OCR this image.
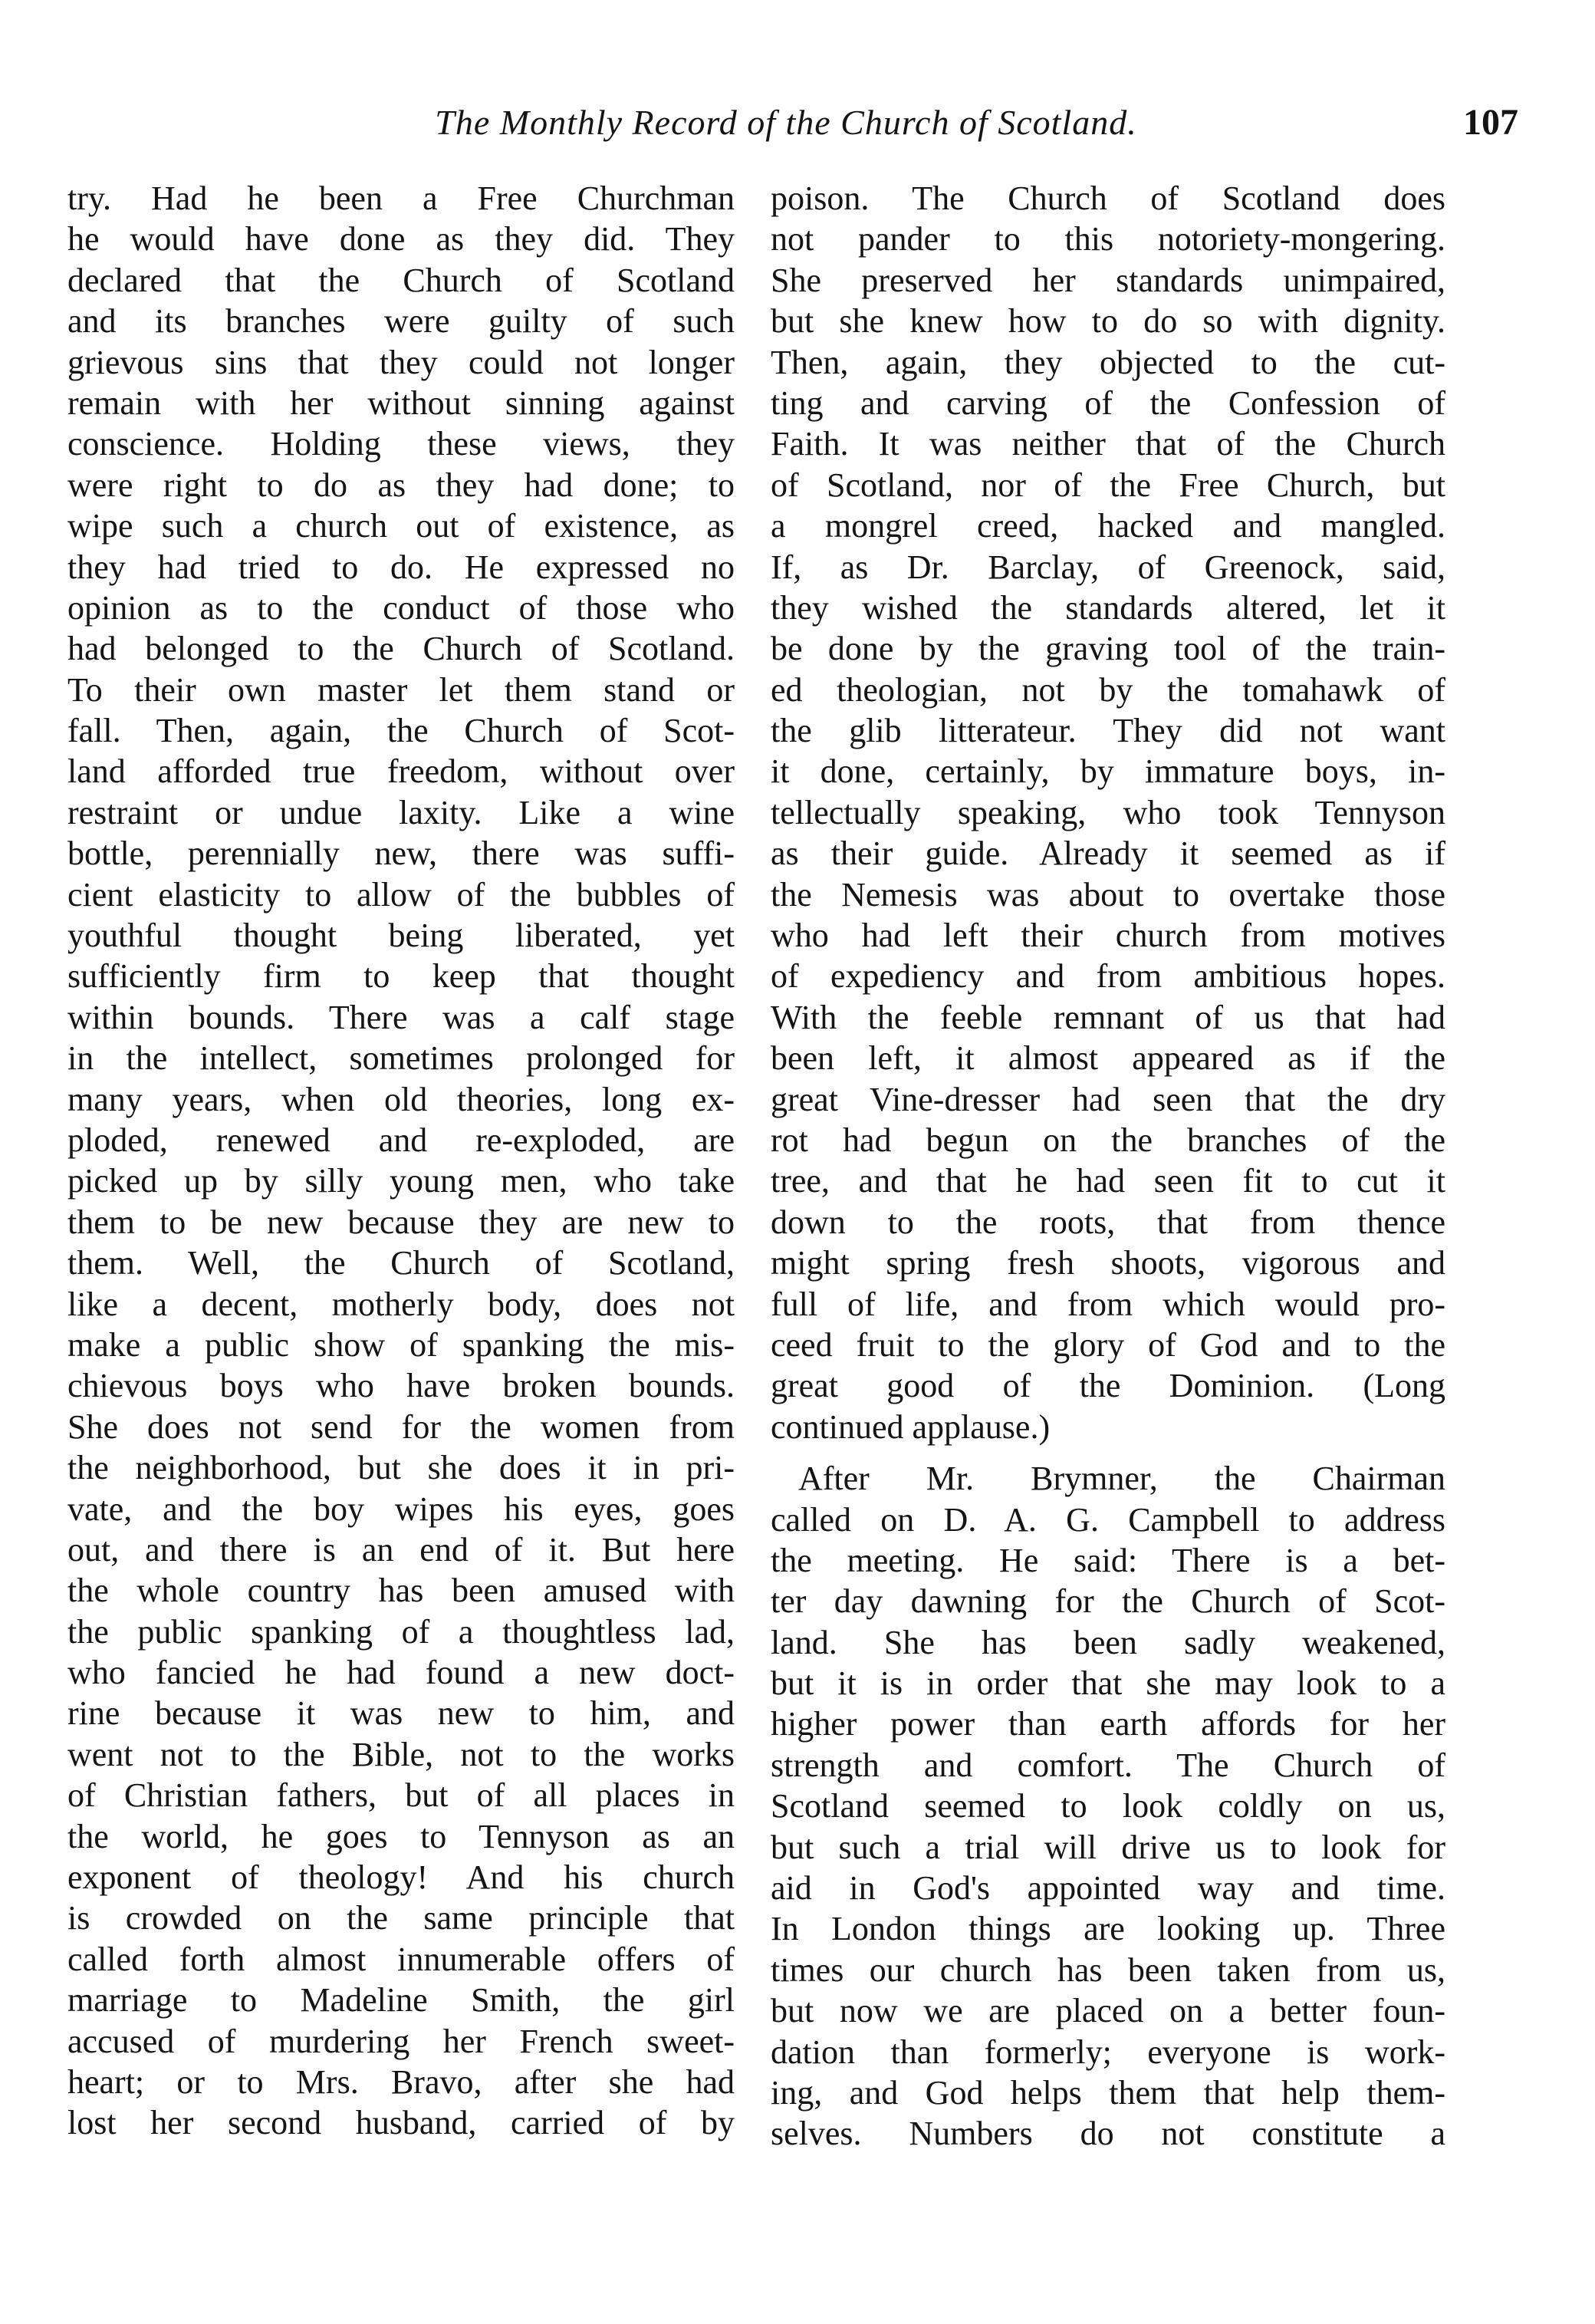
The Monthly Record of the Church of Scotland.	107
try. Had he been a Free Churchman
he would have done as they did. They
declared that the Church of Scotland
and its branches were guilty of such
grievous sins that they could not longer
remain with her without sinning against
conscience. Holding these views, they
were right to do as they had done; to
wipe such a church out of existence, as
they had tried to do. He expressed no
opinion as to the conduct of those who
had belonged to the Church of Scotland.
To their own master let them stand or
fall. Then, again, the Church of Scot-
land afforded true freedom, without over
restraint or undue laxity. Like a wine
bottle, perennially new, there was suffi-
cient elasticity to allow of the bubbles of
youthful thought being liberated, yet
sufficiently firm to keep that thought
within bounds. There was a calf stage
in the intellect, sometimes prolonged for
many years, when old theories, long ex-
ploded, renewed and re-exploded, are
picked up by silly young men, who take
them to be new because they are new to
them. Well, the Church of Scotland,
like a decent, motherly body, does not
make a public show of spanking the mis-
chievous boys who have broken bounds.
She does not send for the women from
the neighborhood, but she does it in pri-
vate, and the boy wipes his eyes, goes
out, and there is an end of it. But here
the whole country has been amused with
the public spanking of a thoughtless lad,
who fancied he had found a new doct-
rine because it was new to him, and
went not to the Bible, not to the works
of Christian fathers, but of all places in
the world, he goes to Tennyson as an
exponent of theology! And his church
is crowded on the same principle that
called forth almost innumerable offers of
marriage to Madeline Smith, the girl
accused of murdering her French sweet-
heart; or to Mrs. Bravo, after she had
lost her second husband, carried of by
poison. The Church of Scotland does
not pander to this notoriety-mongering.
She preserved her standards unimpaired,
but she knew how to do so with dignity.
Then, again, they objected to the cut-
ting and carving of the Confession of
Faith. It was neither that of the Church
of Scotland, nor of the Free Church, but
a mongrel creed, hacked and mangled.
If, as Dr. Barclay, of Greenock, said,
they wished the standards altered, let it
be done by the graving tool of the train-
ed theologian, not by the tomahawk of
the glib litterateur. They did not want
it done, certainly, by immature boys, in-
tellectually speaking, who took Tennyson
as their guide. Already it seemed as if
the Nemesis was about to overtake those
who had left their church from motives
of expediency and from ambitious hopes.
With the feeble remnant of us that had
been left, it almost appeared as if the
great Vine-dresser had seen that the dry
rot had begun on the branches of the
tree, and that he had seen fit to cut it
down to the roots, that from thence
might spring fresh shoots, vigorous and
full of life, and from which would pro-
ceed fruit to the glory of God and to the
great good of the Dominion. (Long
continued applause.)
After Mr. Brymner, the Chairman
called on D. A. G. Campbell to address
the meeting. He said: There is a bet-
ter day dawning for the Church of Scot-
land. She has been sadly weakened,
but it is in order that she may look to a
higher power than earth affords for her
strength and comfort. The Church of
Scotland seemed to look coldly on us,
but such a trial will drive us to look for
aid in God's appointed way and time.
In London things are looking up. Three
times our church has been taken from us,
but now we are placed on a better foun-
dation than formerly; everyone is work-
ing, and God helps them that help them-
selves. Numbers do not constitute a
